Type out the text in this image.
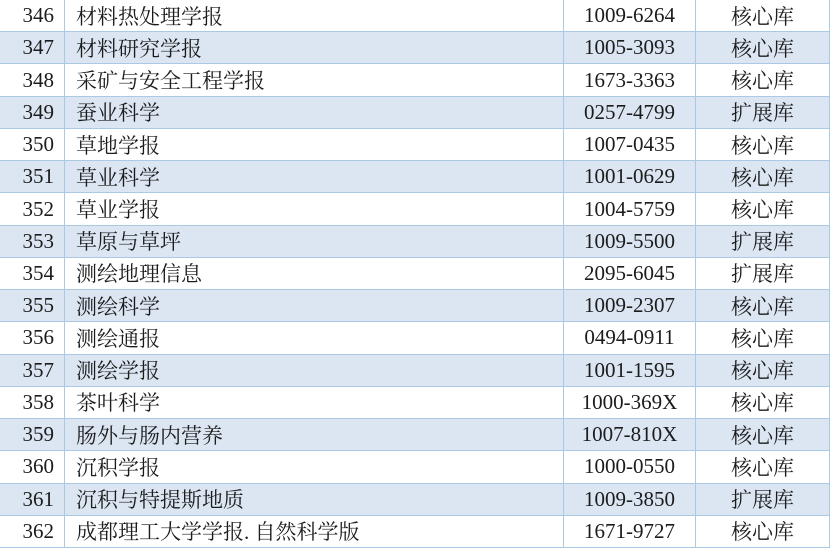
346	材料热处理学报	1009-6264	核心库
347	材料研究学报	1005-3093	核心库
348	采矿与安全工程学报	1673-3363	核心库
349	蚕业科学	0257-4799	扩展库
350	草地学报	1007-0435	核心库
351	草业科学	1001-0629	核心库
352	草业学报	1004-5759	核心库
353	草原与草坪	1009-5500	扩展库
354	测绘地理信息	2095-6045	扩展库
355	测绘科学	1009-2307	核心库
356	测绘通报	0494-0911	核心库
357	测绘学报	1001-1595	核心库
358	茶叶科学	1000-369X	核心库
359	肠外与肠内营养	1007-810X	核心库
360	沉积学报	1000-0550	核心库
361	沉积与特提斯地质	1009-3850	扩展库
362	成都理工大学学报. 自然科学版	1671-9727	核心库
